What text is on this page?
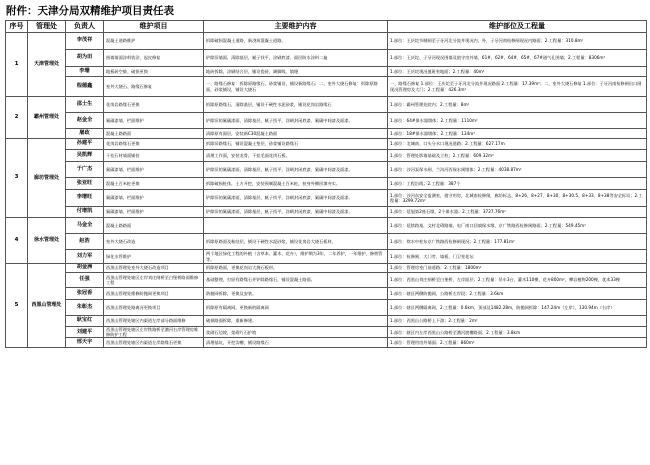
附件：天津分局双精维护项目责任表
序号	管理处	负责人	维护项目	主要维护内容	维护部位及工程量
1	天津管理处	李茂祥	混凝土道路维护	拆除破损混凝土道路，新浇筑混凝土道路。	1.部位：王庆坨节制闸至子牙河北分流井现况内、外，子牙河南检修闸现况内路面；2.工程量：310.8m²
		胡为田	围墙墙面涂料装涂、起皮修复	铲除旧墙面，清除基层，腻子找平，涂刷底漆、面层防水涂料二遍	1.部位：王庆坨、子牙河现况围墙及值守房外墙，61#、62#、64#、65#、67#通气孔围墙；2.工程量：8306m²
		李珊	地板砖空鼓、破损更换	地砖拆除，涂刷结合层，铺设瓷砖，踢脚线、填缝	1.部位：王庆坨现况值班室地面；2.工程量：40m²
		程德鑫	室外大烧石、路缘石修复	一、路缘石修复：拆除原路缘石，砂浆铺设，铺设新路缘石；二、室外大烧石修复：拆除原路面，砂浆铺设，铺设大烧石	一、路缘石修复 1.部位：王庆坨至子牙河北分流井现况路面 2.工程量：17.39m²；二、室外大烧石修复 1.部位：子牙河南检修闸出口闸现况管理房及大门；2.工程量：426.3m²
2	霸州管理处	邵士生	花岗岩路缘石更换	拆除原路缘石，清除基层，铺设干硬性水泥砂浆，铺设花岗岩路缘石	1.部位：霸州管理处院内；2.工程量：8m²
		赵金全	氟碳漆墙、栏面维护	铲除旧的氟碳漆面，清除基层，腻子找平，涂刷封闭底漆、氟碳中间漆及面漆。	1.部位：64#保水器墩体；2.工程量：1110m²
		屠政	混凝土路路面	清除原有面层，安装新C30混凝土路面	1.部位：18#保水器墩体；2.工程量：134m²
3	廊坊管理处	孙建平	花岗岩路缘石更换	拆除旧路缘石，铺设混凝土垫层，砂浆铺设路缘石	1.部位：北城南、口头分水口现况道路；2.工程量：627.17m
		吴凯辉	干挂石材墙面铺装	清理工作面，安装龙骨，干挂毛面花岗石板。	1.部位：管理处影墙基础及立柱；2.工程量：609.32m²
		于广杰	氟碳漆墙、栏面维护	铲除旧的氟碳漆面，清除基层，腻子找平，涂刷封闭底漆、氟碳中间漆及面漆。	1.部位：沙河泵保水闸、兰沟河西保水闸墩体；2.工程量：4038.87m²
		张亚旺	混凝土百米桩更换	拆除破损桩体，土方开挖，安装预制混凝土百米桩，桩身外侧回填夯实。	1.部位：工程沿线；2.工程量：387个
		李增旺	氟碳漆墙、栏面维护	铲除旧的氟碳漆面，清除基层，腻子找平，涂刷封闭底漆、氟碳中间漆及面漆。	1.部位：沙河东安全监测室，值守用房，北城南检修闸，廊坊标志，8+26、8+27、8+30、8+30.5、8+33、8+38等安全标识；2.工程量：3299.72m²
		付增凯	氟碳漆墙、栏面维护	铲除旧的氟碳漆面，清除基层，腻子找平，涂刷封闭底漆、氟碳中间漆及面漆。	1.部位：延旭第2座石墩，2个保水器；2.工程量：3727.76m²
4	徐水管理处	马金全	混凝土路路面		1.部位：延续路基，文村北碍路墙，电厂南口回填保水墩，京广铁路西检修闸路面；2.工程量：549.45m²
		赵浩	室外大烧石改造	拆除原路面及粘结层，铺设干硬性水泥砂浆，铺设花岗岩大烧石板材。	1.部位：徐水中柱东京广铁路西检修闸现况；2.工程量：177.81m²
		刘力军	绿化水管维护	两个地区绿化工程的补植（含草本、灌木、花卉），维护期为3年，二年养护，一年维护、修剪管等。	1.部位：检修闸、大门旁、墙板、门卫室花坛
5	西黑山管理处	胡金洲	西黑山管理处室外大烧石改造项目	拆除原路面，更换花岗岩大烧石板材。	1.部位：管理房室门前道路；2.工程量：1800m²
		任强	西黑山管理处辖区左岸刘庄闸桥至白堡桥路面维修工程	基础整理，打原有路缘石并铲除路缘石，铺设混凝土路面。	1.部位：西黑山刘庄闸桥至白堡桥，左岸面层；2.工程量：吊车3台，灌木110棵，花卉800m²，攀岩植物200棵，优本33棵
		张冠香	西黑山管理处维修防抛网更换项目	防抛网拆除，更换及安装。	1.部位：辖区两侧防抛网，公路桥左岸段；2.工程量：3.6km
		朱彰杰	西黑山管理处路离河更换项目	拆除原有隔离网，更换新的隔离网	1.部位：辖区两侧隔离网，2.工程量：0.6km，顶部及1482.28m，防抛网拆除：147.24m（左岸），130.94m（右岸）
		耿宝红	西黑山管理处辖区内渠道左岸部分路面维修	破损路面拆除，重新修建。	1.部位：西黑山公路桥上下游；2.工程量：2m²
		刘建平	西黑山管理处辖区左岸铁路桥至漕河右岸管理房维修防护工程	浆砌石边坡，浆砌片石护坡	1.部位：辖区内左岸西黑山公路桥至漕河渡槽路面；2.工程量：3.8km
		邢天宇	西黑山管理处辖区内渠道左岸路缘石更换	清理基坑，开挖沟槽，铺设路缘石	1.部位：管理用房外墙面；2.工程量：860m²
